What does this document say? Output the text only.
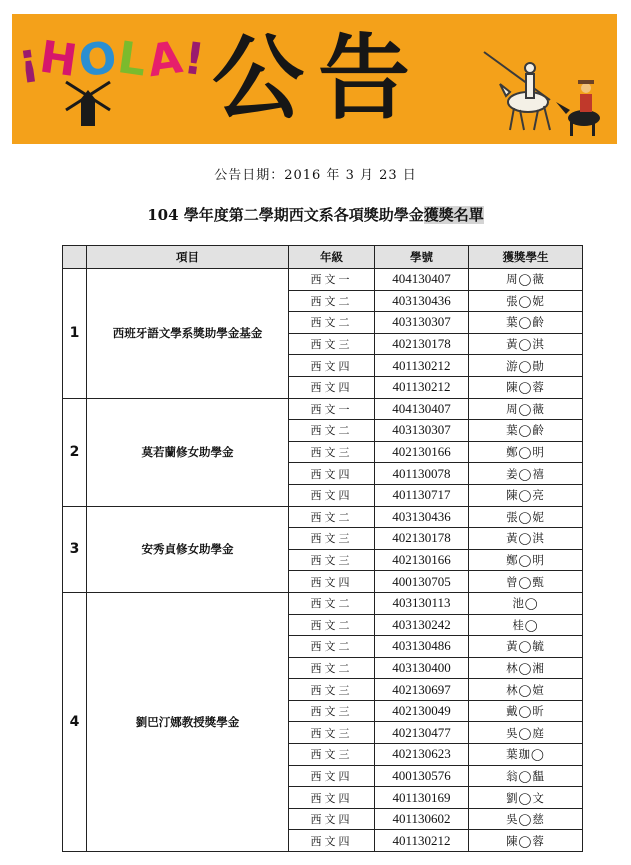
¡HOLA! 公告
公告日期：2016 年 3 月 23 日
104 學年度第二學期西文系各項獎助學金獲獎名單
	項目	年級	學號	獲獎學生
1	西班牙語文學系獎助學金基金	西文一	404130407	周◯薇
		西文二	403130436	張◯妮
		西文二	403130307	葉◯齡
		西文三	402130178	黃◯淇
		西文四	401130212	游◯勛
		西文四	401130212	陳◯蓉
2	莫若蘭修女助學金	西文一	404130407	周◯薇
		西文二	403130307	葉◯齡
		西文三	402130166	鄭◯明
		西文四	401130078	姜◯禧
		西文四	401130717	陳◯亮
3	安秀貞修女助學金	西文二	403130436	張◯妮
		西文三	402130178	黃◯淇
		西文三	402130166	鄭◯明
		西文四	400130705	曾◯甄
4	劉巴汀娜教授獎學金	西文二	403130113	池◯
		西文二	403130242	桂◯
		西文二	403130486	黃◯毓
		西文二	403130400	林◯湘
		西文三	402130697	林◯媗
		西文三	402130049	戴◯昕
		西文三	402130477	吳◯庭
		西文三	402130623	葉珈◯
		西文四	400130576	翁◯馧
		西文四	401130169	劉◯文
		西文四	401130602	吳◯慈
		西文四	401130212	陳◯蓉
